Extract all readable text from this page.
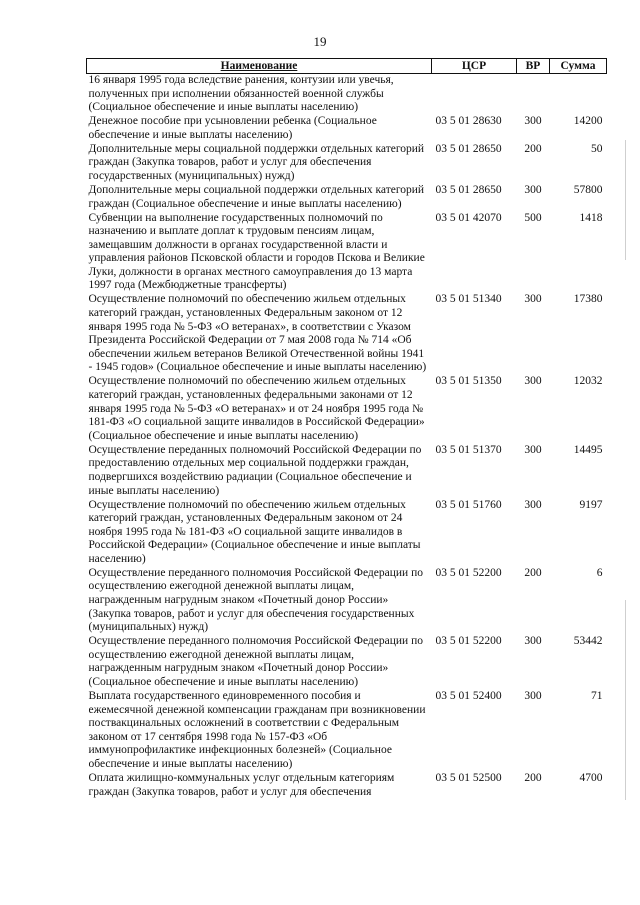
19
Наименование	ЦСР	ВР	Сумма
16 января 1995 года вследствие ранения, контузии или увечья, полученных при исполнении обязанностей военной службы (Социальное обеспечение и иные выплаты населению)			
Денежное пособие при усыновлении ребенка (Социальное обеспечение и иные выплаты населению)	03 5 01 28630	300	14200
Дополнительные меры социальной поддержки отдельных категорий граждан (Закупка товаров, работ и услуг для обеспечения государственных (муниципальных) нужд)	03 5 01 28650	200	50
Дополнительные меры социальной поддержки отдельных категорий граждан (Социальное обеспечение и иные выплаты населению)	03 5 01 28650	300	57800
Субвенции на выполнение государственных полномочий по назначению и выплате доплат к трудовым пенсиям лицам, замещавшим должности в органах государственной власти и управления районов Псковской области и городов Пскова и Великие Луки, должности в органах местного самоуправления до 13 марта 1997 года (Межбюджетные трансферты)	03 5 01 42070	500	1418
Осуществление полномочий по обеспечению жильем отдельных категорий граждан, установленных Федеральным законом от 12 января 1995 года № 5-ФЗ «О ветеранах», в соответствии с Указом Президента Российской Федерации от 7 мая 2008 года № 714 «Об обеспечении жильем ветеранов Великой Отечественной войны 1941 - 1945 годов» (Социальное обеспечение и иные выплаты населению)	03 5 01 51340	300	17380
Осуществление полномочий по обеспечению жильем отдельных категорий граждан, установленных федеральными законами от 12 января 1995 года № 5-ФЗ «О ветеранах» и от 24 ноября 1995 года № 181-ФЗ «О социальной защите инвалидов в Российской Федерации» (Социальное обеспечение и иные выплаты населению)	03 5 01 51350	300	12032
Осуществление переданных полномочий Российской Федерации по предоставлению отдельных мер социальной поддержки граждан, подвергшихся воздействию радиации (Социальное обеспечение и иные выплаты населению)	03 5 01 51370	300	14495
Осуществление полномочий по обеспечению жильем отдельных категорий граждан, установленных Федеральным законом от 24 ноября 1995 года № 181-ФЗ «О социальной защите инвалидов в Российской Федерации» (Социальное обеспечение и иные выплаты населению)	03 5 01 51760	300	9197
Осуществление переданного полномочия Российской Федерации по осуществлению ежегодной денежной выплаты лицам, награжденным нагрудным знаком «Почетный донор России» (Закупка товаров, работ и услуг для обеспечения государственных (муниципальных) нужд)	03 5 01 52200	200	6
Осуществление переданного полномочия Российской Федерации по осуществлению ежегодной денежной выплаты лицам, награжденным нагрудным знаком «Почетный донор России» (Социальное обеспечение и иные выплаты населению)	03 5 01 52200	300	53442
Выплата государственного единовременного пособия и ежемесячной денежной компенсации гражданам при возникновении поствакцинальных осложнений в соответствии с Федеральным законом от 17 сентября 1998 года № 157-ФЗ «Об иммунопрофилактике инфекционных болезней» (Социальное обеспечение и иные выплаты населению)	03 5 01 52400	300	71
Оплата жилищно-коммунальных услуг отдельным категориям граждан (Закупка товаров, работ и услуг для обеспечения	03 5 01 52500	200	4700
